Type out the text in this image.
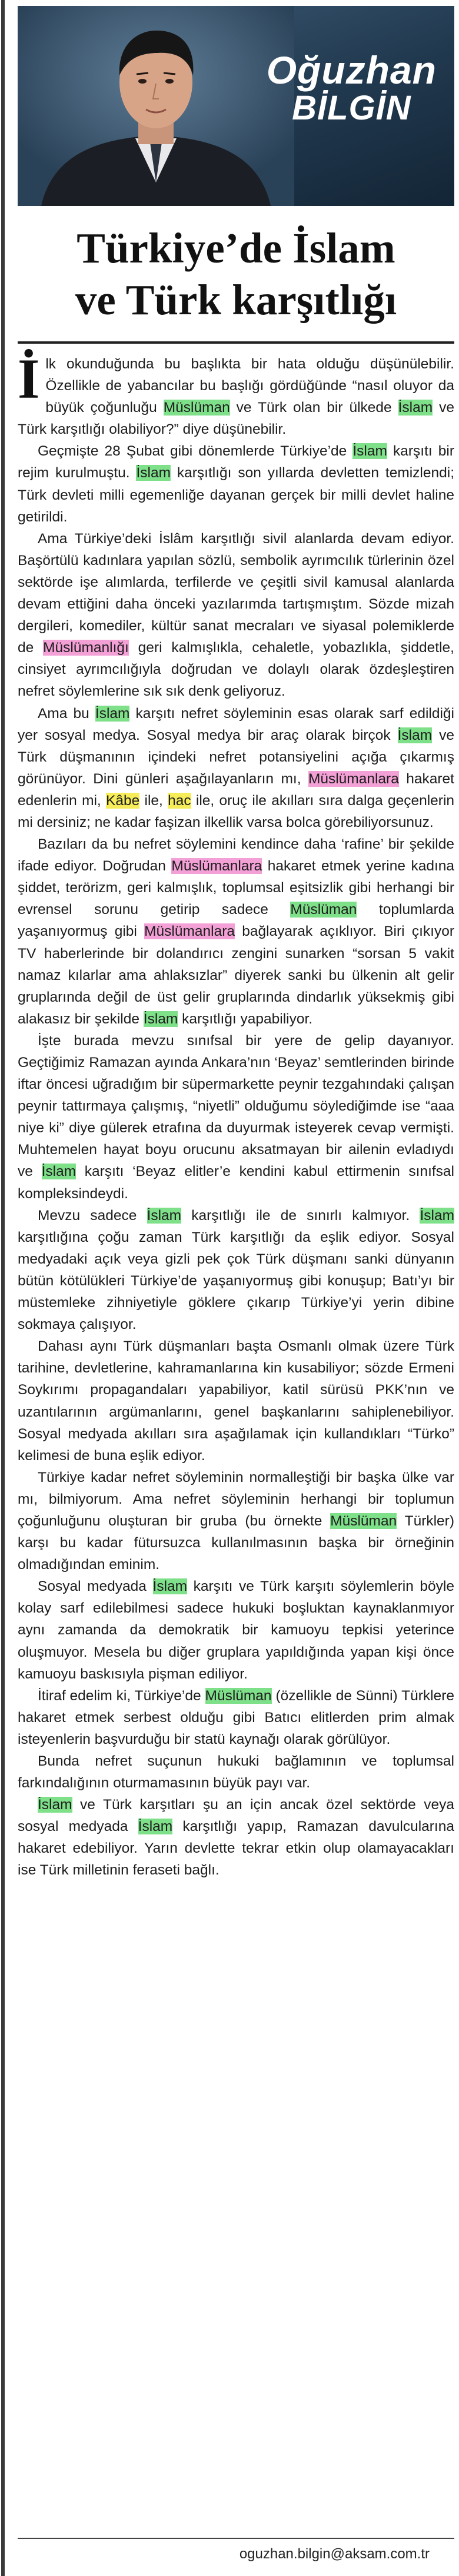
Oğuzhan
BİLGİN
Türkiye’de İslam
ve Türk karşıtlığı

İlk okunduğunda bu başlıkta bir hata olduğu düşünülebilir. Özellikle de yabancılar bu başlığı gördüğünde “nasıl oluyor da büyük çoğunluğu Müslüman ve Türk olan bir ülkede İslam ve Türk karşıtlığı olabiliyor?” diye düşünebilir.

Geçmişte 28 Şubat gibi dönemlerde Türkiye’de İslam karşıtı bir rejim kurulmuştu. İslam karşıtlığı son yıllarda devletten temizlendi; Türk devleti milli egemenliğe dayanan gerçek bir milli devlet haline getirildi.

Ama Türkiye’deki İslâm karşıtlığı sivil alanlarda devam ediyor. Başörtülü kadınlara yapılan sözlü, sembolik ayrımcılık türlerinin özel sektörde işe alımlarda, terfilerde ve çeşitli sivil kamusal alanlarda devam ettiğini daha önceki yazılarımda tartışmıştım. Sözde mizah dergileri, komediler, kültür sanat mecraları ve siyasal polemiklerde de Müslümanlığı geri kalmışlıkla, cehaletle, yobazlıkla, şiddetle, cinsiyet ayrımcılığıyla doğrudan ve dolaylı olarak özdeşleştiren nefret söylemlerine sık sık denk geliyoruz.

Ama bu İslam karşıtı nefret söyleminin esas olarak sarf edildiği yer sosyal medya. Sosyal medya bir araç olarak birçok İslam ve Türk düşmanının içindeki nefret potansiyelini açığa çıkarmış görünüyor. Dini günleri aşağılayanların mı, Müslümanlara hakaret edenlerin mi, Kâbe ile, hac ile, oruç ile akılları sıra dalga geçenlerin mi dersiniz; ne kadar faşizan ilkellik varsa bolca görebiliyorsunuz.

Bazıları da bu nefret söylemini kendince daha ‘rafine’ bir şekilde ifade ediyor. Doğrudan Müslümanlara hakaret etmek yerine kadına şiddet, terörizm, geri kalmışlık, toplumsal eşitsizlik gibi herhangi bir evrensel sorunu getirip sadece Müslüman toplumlarda yaşanıyormuş gibi Müslümanlara bağlayarak açıklıyor. Biri çıkıyor TV haberlerinde bir dolandırıcı zengini sunarken “sorsan 5 vakit namaz kılarlar ama ahlaksızlar” diyerek sanki bu ülkenin alt gelir gruplarında değil de üst gelir gruplarında dindarlık yüksekmiş gibi alakasız bir şekilde İslam karşıtlığı yapabiliyor.

İşte burada mevzu sınıfsal bir yere de gelip dayanıyor. Geçtiğimiz Ramazan ayında Ankara’nın ‘Beyaz’ semtlerinden birinde iftar öncesi uğradığım bir süpermarkette peynir tezgahındaki çalışan peynir tattırmaya çalışmış, “niyetli” olduğumu söylediğimde ise “aaa niye ki” diye gülerek etrafına da duyurmak isteyerek cevap vermişti. Muhtemelen hayat boyu orucunu aksatmayan bir ailenin evladıydı ve İslam karşıtı ‘Beyaz elitler’e kendini kabul ettirmenin sınıfsal kompleksindeydi.

Mevzu sadece İslam karşıtlığı ile de sınırlı kalmıyor. İslam karşıtlığına çoğu zaman Türk karşıtlığı da eşlik ediyor. Sosyal medyadaki açık veya gizli pek çok Türk düşmanı sanki dünyanın bütün kötülükleri Türkiye’de yaşanıyormuş gibi konuşup; Batı’yı bir müstemleke zihniyetiyle göklere çıkarıp Türkiye’yi yerin dibine sokmaya çalışıyor.

Dahası aynı Türk düşmanları başta Osmanlı olmak üzere Türk tarihine, devletlerine, kahramanlarına kin kusabiliyor; sözde Ermeni Soykırımı propagandaları yapabiliyor, katil sürüsü PKK’nın ve uzantılarının argümanlarını, genel başkanlarını sahiplenebiliyor. Sosyal medyada akılları sıra aşağılamak için kullandıkları “Türko” kelimesi de buna eşlik ediyor.

Türkiye kadar nefret söyleminin normalleştiği bir başka ülke var mı, bilmiyorum. Ama nefret söyleminin herhangi bir toplumun çoğunluğunu oluşturan bir gruba (bu örnekte Müslüman Türkler) karşı bu kadar fütursuzca kullanılmasının başka bir örneğinin olmadığından eminim.

Sosyal medyada İslam karşıtı ve Türk karşıtı söylemlerin böyle kolay sarf edilebilmesi sadece hukuki boşluktan kaynaklanmıyor aynı zamanda da demokratik bir kamuoyu tepkisi yeterince oluşmuyor. Mesela bu diğer gruplara yapıldığında yapan kişi önce kamuoyu baskısıyla pişman ediliyor.

İtiraf edelim ki, Türkiye’de Müslüman (özellikle de Sünni) Türklere hakaret etmek serbest olduğu gibi Batıcı elitlerden prim almak isteyenlerin başvurduğu bir statü kaynağı olarak görülüyor.

Bunda nefret suçunun hukuki bağlamının ve toplumsal farkındalığının oturmamasının büyük payı var.

İslam ve Türk karşıtları şu an için ancak özel sektörde veya sosyal medyada İslam karşıtlığı yapıp, Ramazan davulcularına hakaret edebiliyor. Yarın devlette tekrar etkin olup olamayacakları ise Türk milletinin feraseti bağlı.

oguzhan.bilgin@aksam.com.tr
